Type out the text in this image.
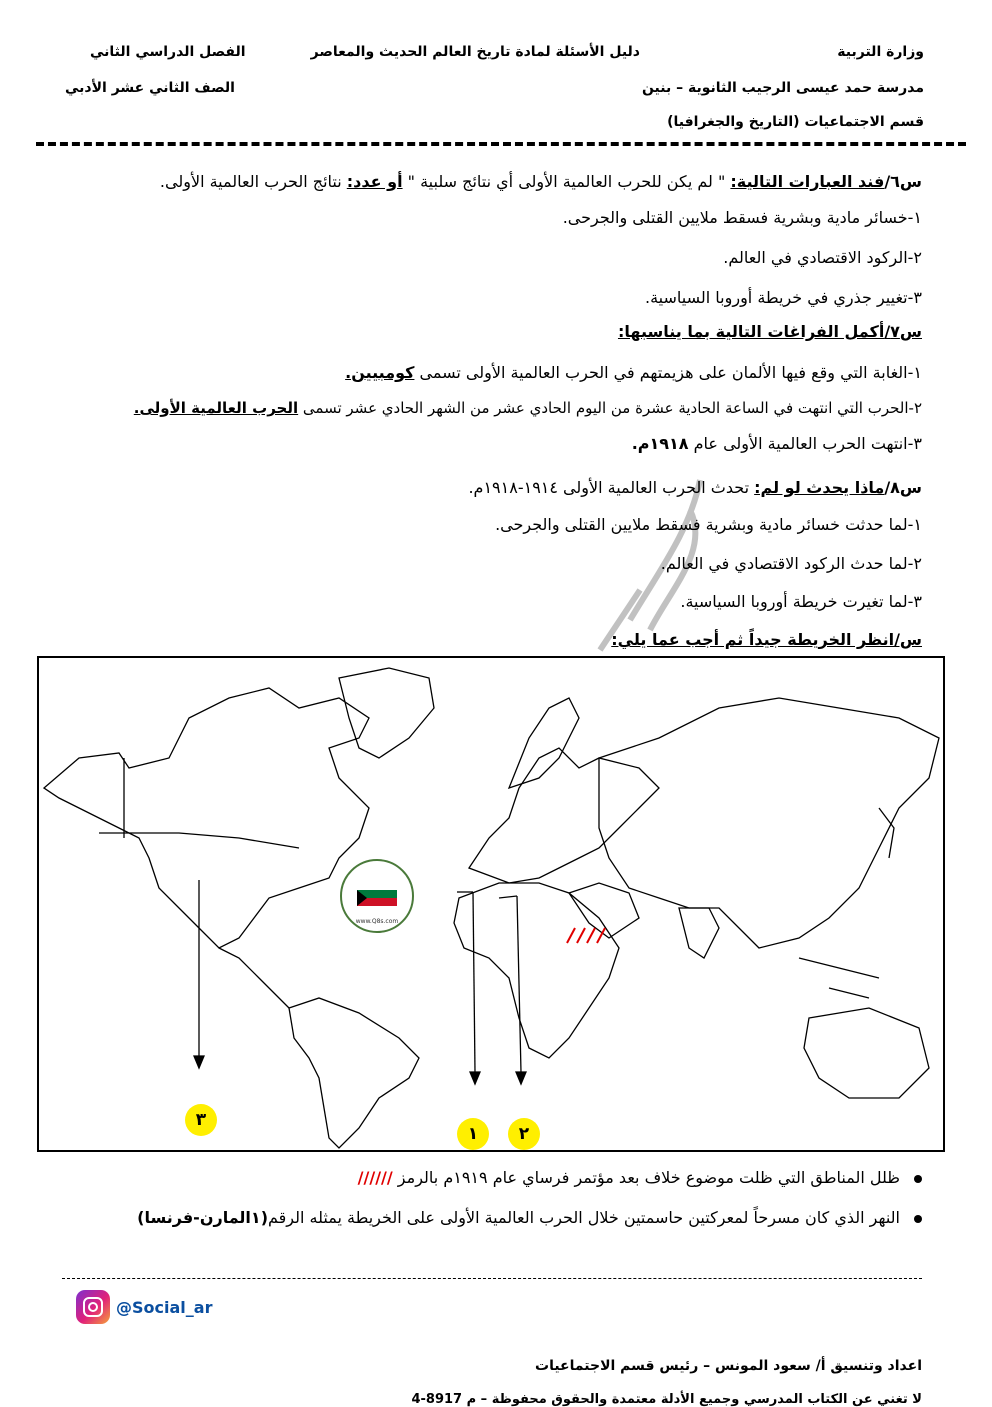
وزارة التربية
دليل الأسئلة لمادة تاريخ العالم الحديث والمعاصر
الفصل الدراسي الثاني
مدرسة حمد عيسى الرجيب الثانوية – بنين
الصف الثاني عشر الأدبي
قسم الاجتماعيات (التاريخ والجغرافيا)
س٦/فند العبارات التالية: " لم يكن للحرب العالمية الأولى أي نتائج سلبية " أو عدد: نتائج الحرب العالمية الأولى.
١-خسائر مادية وبشرية فسقط ملايين القتلى والجرحى.
٢-الركود الاقتصادي في العالم.
٣-تغيير جذري في خريطة أوروبا السياسية.
س٧/أكمل الفراغات التالية بما يناسبها:
١-الغابة التي وقع فيها الألمان على هزيمتهم في الحرب العالمية الأولى تسمى كومبيين.
٢-الحرب التي انتهت في الساعة الحادية عشرة من اليوم الحادي عشر من الشهر الحادي عشر تسمى الحرب العالمية الأولى.
٣-انتهت الحرب العالمية الأولى عام ١٩١٨م.
س٨/ماذا يحدث لو لم: تحدث الحرب العالمية الأولى ١٩١٤-١٩١٨م.
١-لما حدثت خسائر مادية وبشرية فسقط ملايين القتلى والجرحى.
٢-لما حدث الركود الاقتصادي في العالم.
٣-لما تغيرت خريطة أوروبا السياسية.
س/انظر الخريطة جيداً ثم أجب عما يلي:
www.Q8s.com
٣
١	٢
ظلل المناطق التي ظلت موضوع خلاف بعد مؤتمر فرساي عام ١٩١٩م بالرمز //////
النهر الذي كان مسرحاً لمعركتين حاسمتين خلال الحرب العالمية الأولى على الخريطة يمثله الرقم(١المارن-فرنسا)
@Social_ar
اعداد وتنسيق أ/ سعود المونس – رئيس قسم الاجتماعيات
لا تغني عن الكتاب المدرسي وجميع الأدلة معتمدة والحقوق محفوظة – م 8917-4
